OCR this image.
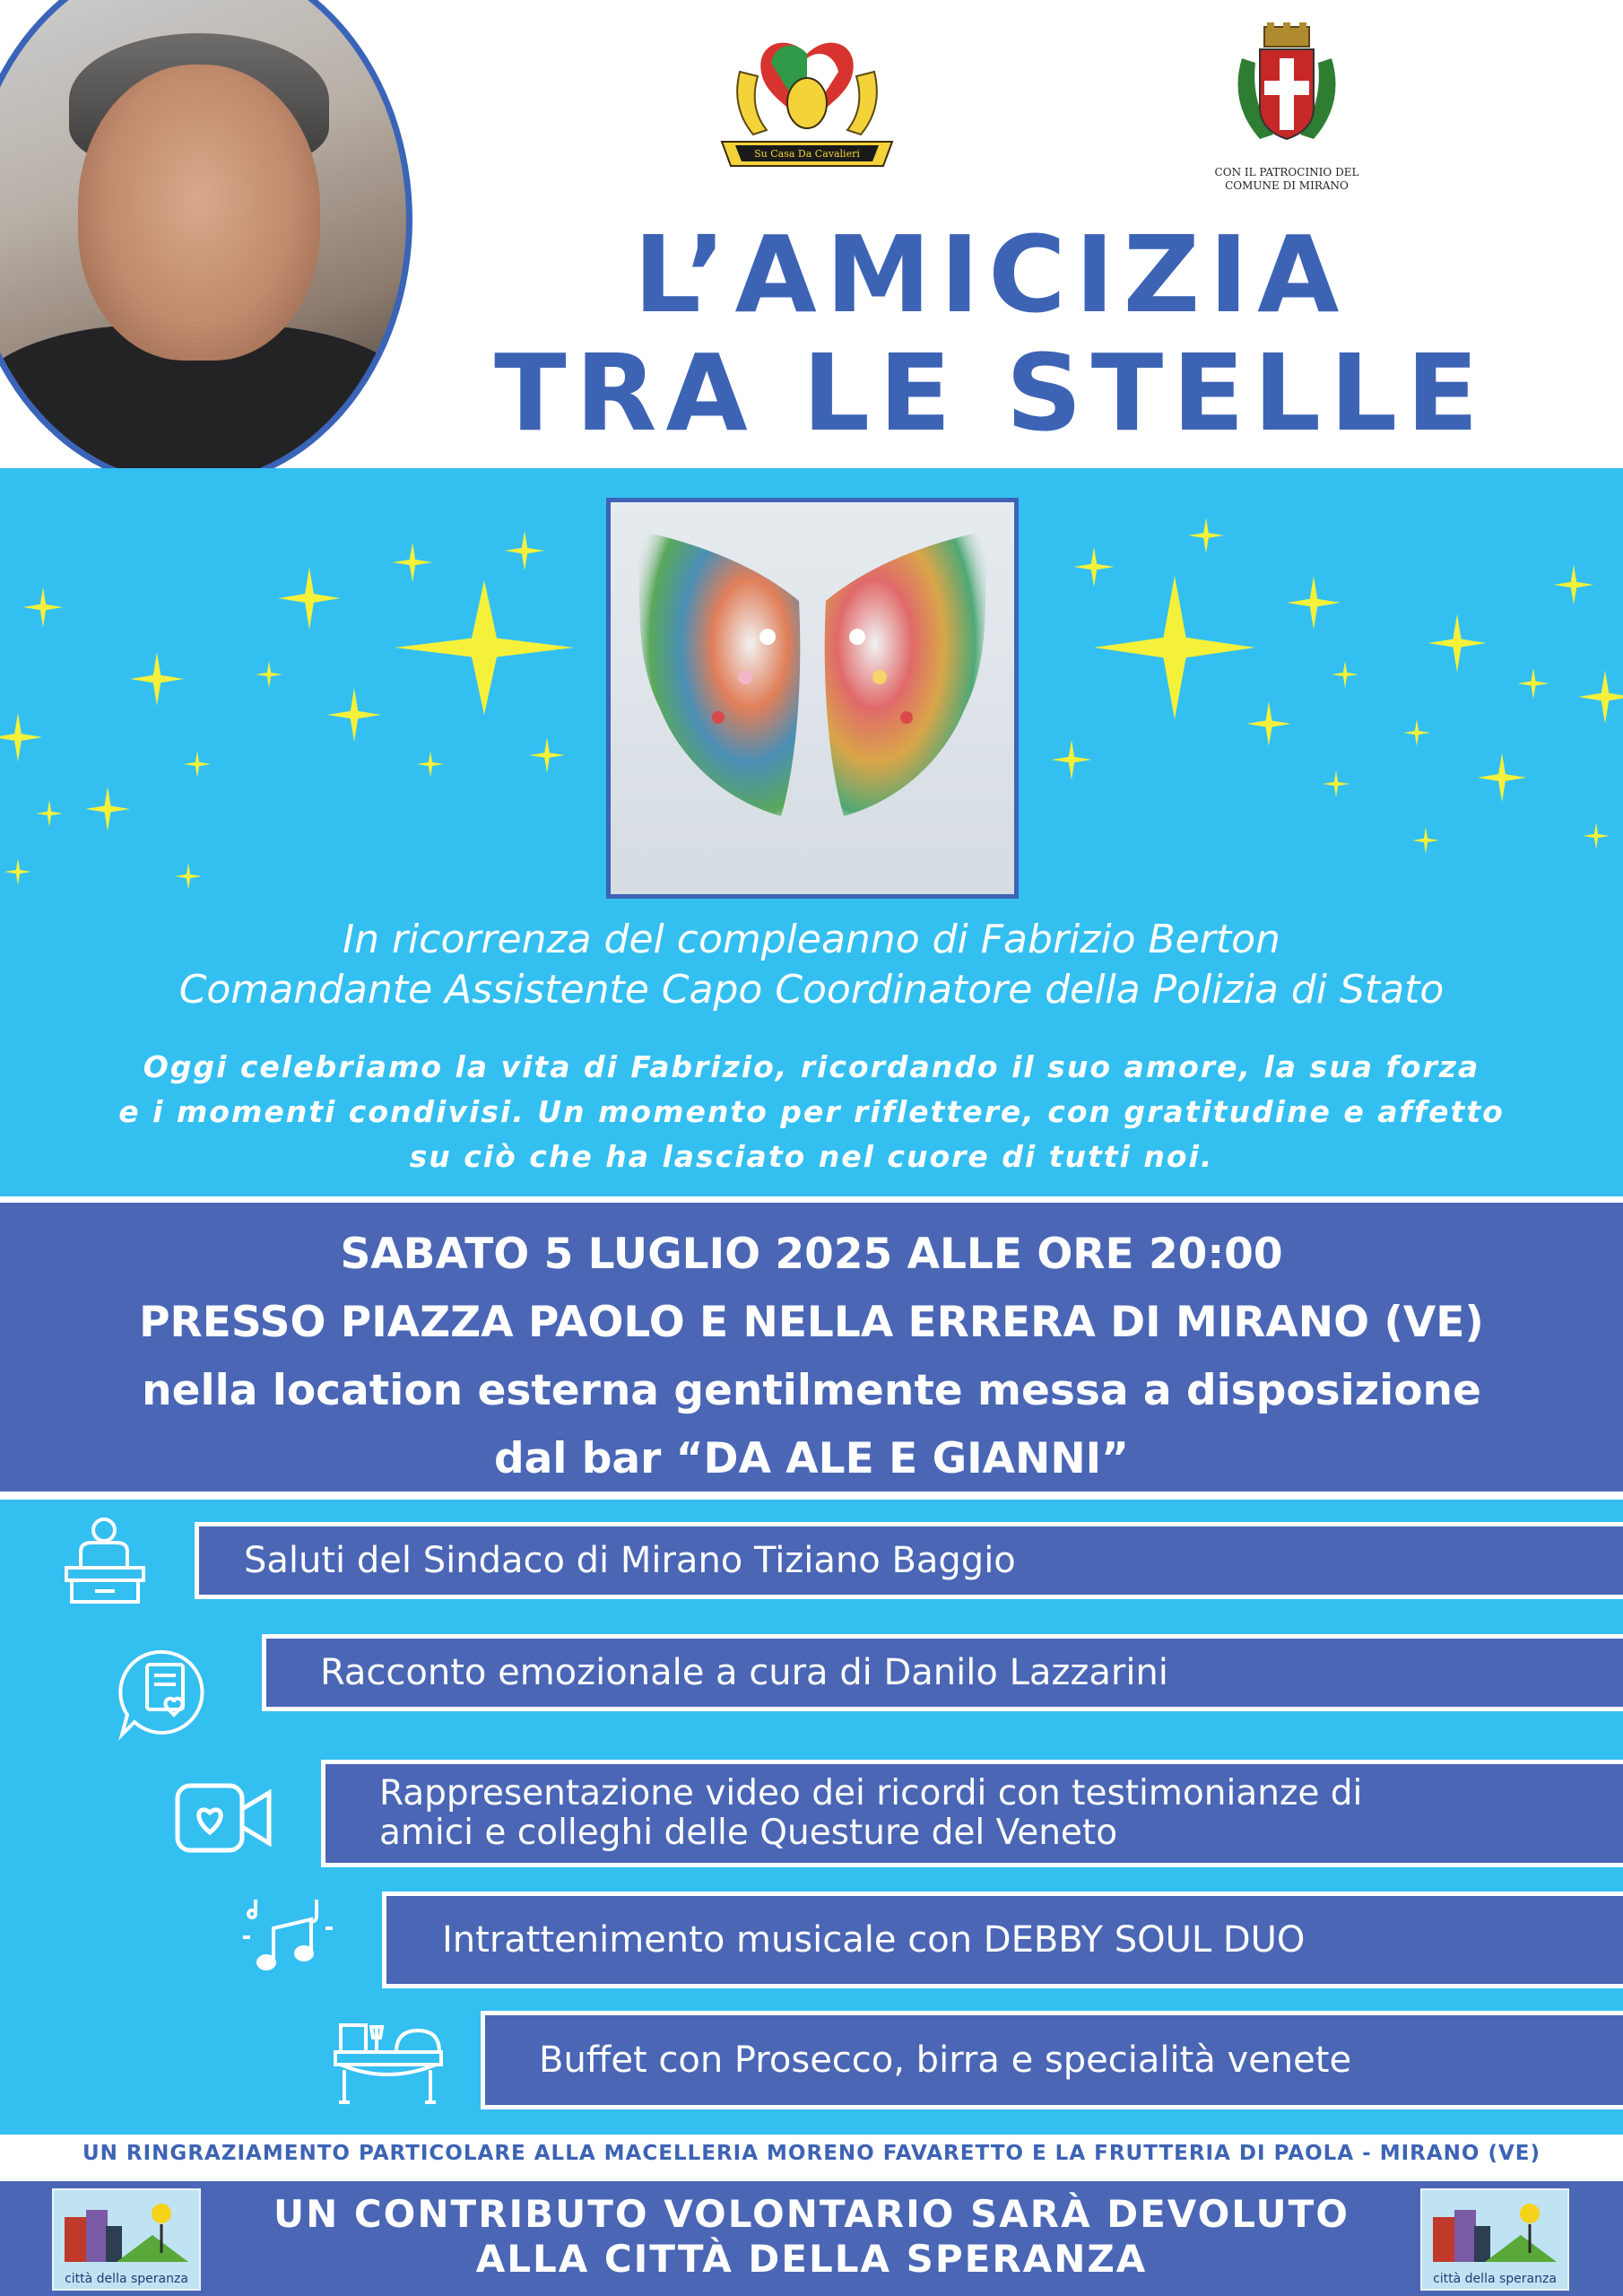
Su Casa Da Cavalieri
CON IL PATROCINIO DEL
COMUNE DI MIRANO
L’AMICIZIA
TRA LE STELLE
In ricorrenza del compleanno di Fabrizio Berton
Comandante Assistente Capo Coordinatore della Polizia di Stato
Oggi celebriamo la vita di Fabrizio, ricordando il suo amore, la sua forza
e i momenti condivisi. Un momento per riflettere, con gratitudine e affetto
su ciò che ha lasciato nel cuore di tutti noi.
SABATO 5 LUGLIO 2025 ALLE ORE 20:00
PRESSO PIAZZA PAOLO E NELLA ERRERA DI MIRANO (VE)
nella location esterna gentilmente messa a disposizione
dal bar “DA ALE E GIANNI”
Saluti del Sindaco di Mirano Tiziano Baggio
Racconto emozionale a cura di Danilo Lazzarini
Rappresentazione video dei ricordi con testimonianze di
amici e colleghi delle Questure del Veneto
Intrattenimento musicale con DEBBY SOUL DUO
Buffet con Prosecco, birra e specialità venete
UN RINGRAZIAMENTO PARTICOLARE ALLA MACELLERIA MORENO FAVARETTO E LA FRUTTERIA DI PAOLA - MIRANO (VE)
città della speranza
UN CONTRIBUTO VOLONTARIO SARÀ DEVOLUTO
ALLA CITTÀ DELLA SPERANZA	città della speranza
